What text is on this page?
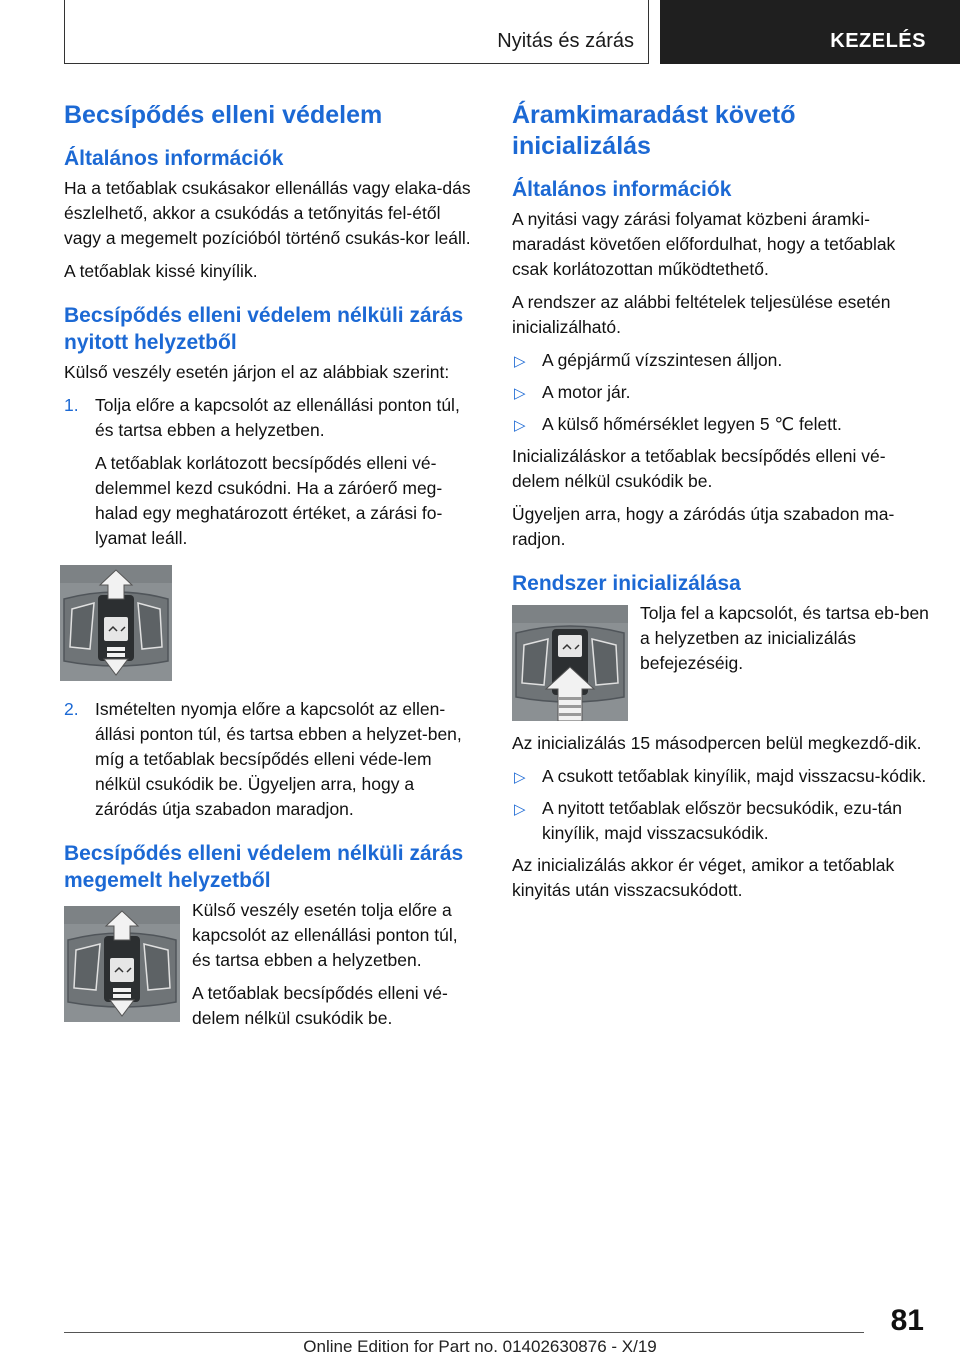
Nyitás és zárás	KEZELÉS
Becsípődés elleni védelem
Általános információk

Ha a tetőablak csukásakor ellenállás vagy elaka-dás észlelhető, akkor a csukódás a tetőnyitás fel-étől vagy a megemelt pozícióból történő csukás-kor leáll.

A tetőablak kissé kinyílik.

Becsípődés elleni védelem nélküli zárás nyitott helyzetből

Külső veszély esetén járjon el az alábbiak szerint:

1. Tolja előre a kapcsolót az ellenállási ponton túl, és tartsa ebben a helyzetben.

A tetőablak korlátozott becsípődés elleni vé-delemmel kezd csukódni. Ha a záróerő meg-halad egy meghatározott értéket, a zárási fo-lyamat leáll.

2. Ismételten nyomja előre a kapcsolót az ellen-állási ponton túl, és tartsa ebben a helyzet-ben, míg a tetőablak becsípődés elleni véde-lem nélkül csukódik be. Ügyeljen arra, hogy a záródás útja szabadon maradjon.

Becsípődés elleni védelem nélküli zárás megemelt helyzetből

Külső veszély esetén tolja előre a kapcsolót az ellenállási ponton túl, és tartsa ebben a helyzetben.

A tetőablak becsípődés elleni vé-delem nélkül csukódik be.

Áramkimaradást követő inicializálás
Általános információk

A nyitási vagy zárási folyamat közbeni áramki-maradást követően előfordulhat, hogy a tetőablak csak korlátozottan működtethető.

A rendszer az alábbi feltételek teljesülése esetén inicializálható.

▷ A gépjármű vízszintesen álljon.
▷ A motor jár.
▷ A külső hőmérséklet legyen 5 ℃ felett.

Inicializáláskor a tetőablak becsípődés elleni vé-delem nélkül csukódik be.

Ügyeljen arra, hogy a záródás útja szabadon ma-radjon.

Rendszer inicializálása

Tolja fel a kapcsolót, és tartsa eb-ben a helyzetben az inicializálás befejezéséig.

Az inicializálás 15 másodpercen belül megkezdő-dik.

▷ A csukott tetőablak kinyílik, majd visszacsu-kódik.
▷ A nyitott tetőablak először becsukódik, ezu-tán kinyílik, majd visszacsukódik.

Az inicializálás akkor ér véget, amikor a tetőablak kinyitás után visszacsukódott.

81
Online Edition for Part no. 01402630876 - X/19
